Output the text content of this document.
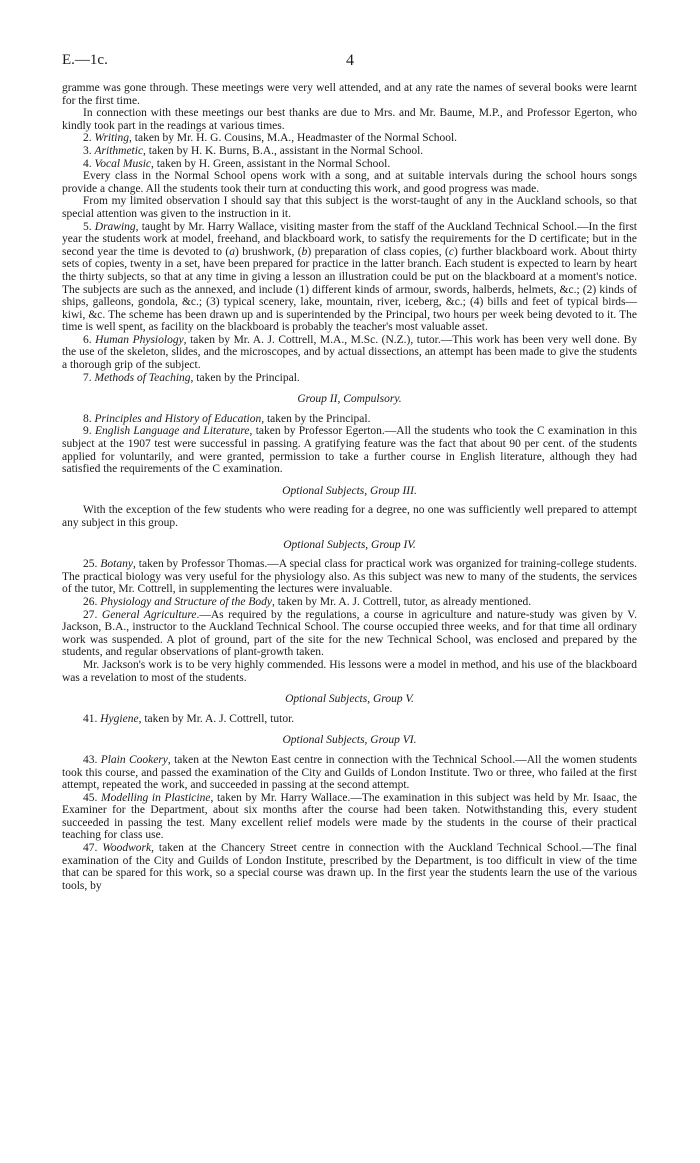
E.—1c.	4

gramme was gone through. These meetings were very well attended, and at any rate the names of several books were learnt for the first time.

In connection with these meetings our best thanks are due to Mrs. and Mr. Baume, M.P., and Professor Egerton, who kindly took part in the readings at various times.

2. Writing, taken by Mr. H. G. Cousins, M.A., Headmaster of the Normal School.

3. Arithmetic, taken by H. K. Burns, B.A., assistant in the Normal School.

4. Vocal Music, taken by H. Green, assistant in the Normal School.

Every class in the Normal School opens work with a song, and at suitable intervals during the school hours songs provide a change. All the students took their turn at conducting this work, and good progress was made.

From my limited observation I should say that this subject is the worst-taught of any in the Auckland schools, so that special attention was given to the instruction in it.

5. Drawing, taught by Mr. Harry Wallace, visiting master from the staff of the Auckland Technical School.—In the first year the students work at model, freehand, and blackboard work, to satisfy the requirements for the D certificate; but in the second year the time is devoted to (a) brushwork, (b) preparation of class copies, (c) further blackboard work. About thirty sets of copies, twenty in a set, have been prepared for practice in the latter branch. Each student is expected to learn by heart the thirty subjects, so that at any time in giving a lesson an illustration could be put on the blackboard at a moment's notice. The subjects are such as the annexed, and include (1) different kinds of armour, swords, halberds, helmets, &c.; (2) kinds of ships, galleons, gondola, &c.; (3) typical scenery, lake, mountain, river, iceberg, &c.; (4) bills and feet of typical birds—kiwi, &c. The scheme has been drawn up and is superintended by the Principal, two hours per week being devoted to it. The time is well spent, as facility on the blackboard is probably the teacher's most valuable asset.

6. Human Physiology, taken by Mr. A. J. Cottrell, M.A., M.Sc. (N.Z.), tutor.—This work has been very well done. By the use of the skeleton, slides, and the microscopes, and by actual dissections, an attempt has been made to give the students a thorough grip of the subject.

7. Methods of Teaching, taken by the Principal.

Group II, Compulsory.

8. Principles and History of Education, taken by the Principal.

9. English Language and Literature, taken by Professor Egerton.—All the students who took the C examination in this subject at the 1907 test were successful in passing. A gratifying feature was the fact that about 90 per cent. of the students applied for voluntarily, and were granted, permission to take a further course in English literature, although they had satisfied the requirements of the C examination.

Optional Subjects, Group III.

With the exception of the few students who were reading for a degree, no one was sufficiently well prepared to attempt any subject in this group.

Optional Subjects, Group IV.

25. Botany, taken by Professor Thomas.—A special class for practical work was organized for training-college students. The practical biology was very useful for the physiology also. As this subject was new to many of the students, the services of the tutor, Mr. Cottrell, in supplementing the lectures were invaluable.

26. Physiology and Structure of the Body, taken by Mr. A. J. Cottrell, tutor, as already mentioned.

27. General Agriculture.—As required by the regulations, a course in agriculture and nature-study was given by V. Jackson, B.A., instructor to the Auckland Technical School. The course occupied three weeks, and for that time all ordinary work was suspended. A plot of ground, part of the site for the new Technical School, was enclosed and prepared by the students, and regular observations of plant-growth taken.

Mr. Jackson's work is to be very highly commended. His lessons were a model in method, and his use of the blackboard was a revelation to most of the students.

Optional Subjects, Group V.

41. Hygiene, taken by Mr. A. J. Cottrell, tutor.

Optional Subjects, Group VI.

43. Plain Cookery, taken at the Newton East centre in connection with the Technical School.—All the women students took this course, and passed the examination of the City and Guilds of London Institute. Two or three, who failed at the first attempt, repeated the work, and succeeded in passing at the second attempt.

45. Modelling in Plasticine, taken by Mr. Harry Wallace.—The examination in this subject was held by Mr. Isaac, the Examiner for the Department, about six months after the course had been taken. Notwithstanding this, every student succeeded in passing the test. Many excellent relief models were made by the students in the course of their practical teaching for class use.

47. Woodwork, taken at the Chancery Street centre in connection with the Auckland Technical School.—The final examination of the City and Guilds of London Institute, prescribed by the Department, is too difficult in view of the time that can be spared for this work, so a special course was drawn up. In the first year the students learn the use of the various tools, by
